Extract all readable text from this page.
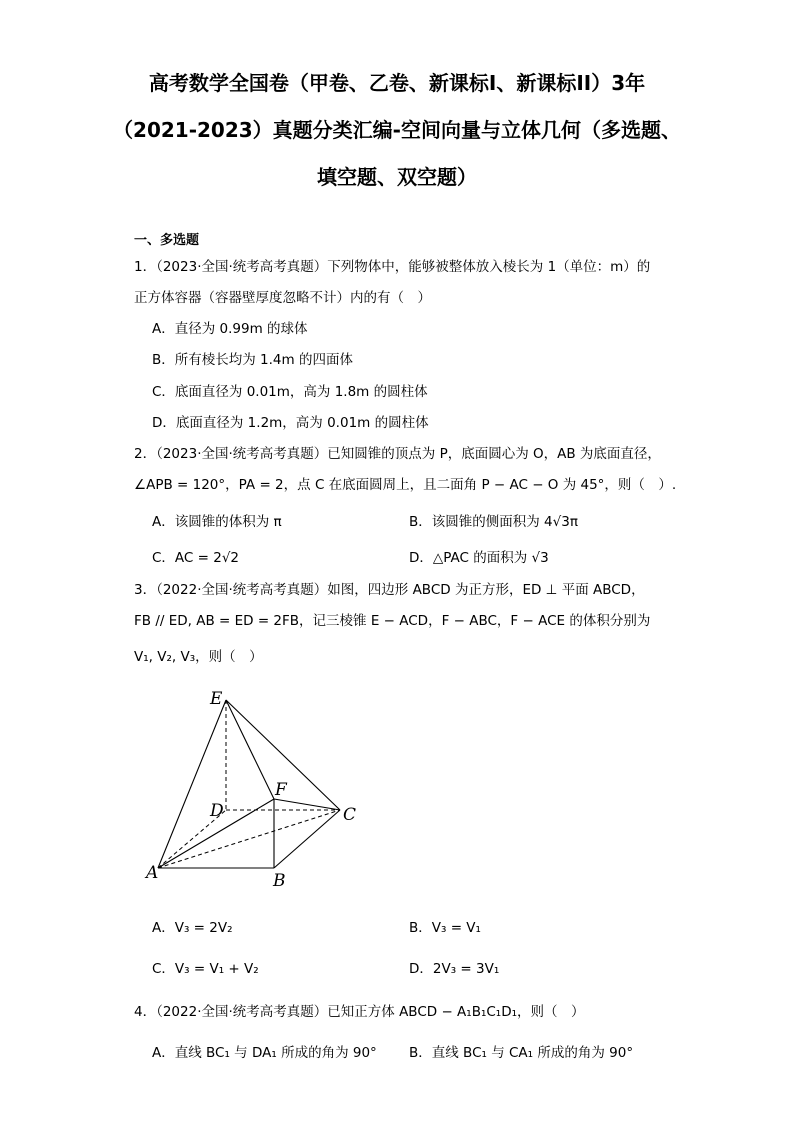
高考数学全国卷（甲卷、乙卷、新课标I、新课标II）3年
（2021-2023）真题分类汇编-空间向量与立体几何（多选题、
填空题、双空题）
一、多选题
1．（2023·全国·统考高考真题）下列物体中，能够被整体放入棱长为 1（单位：m）的
正方体容器（容器壁厚度忽略不计）内的有（　）
A．直径为 0.99m 的球体
B．所有棱长均为 1.4m 的四面体
C．底面直径为 0.01m，高为 1.8m 的圆柱体
D．底面直径为 1.2m，高为 0.01m 的圆柱体
2．（2023·全国·统考高考真题）已知圆锥的顶点为 P，底面圆心为 O，AB 为底面直径，
∠APB = 120°，PA = 2，点 C 在底面圆周上，且二面角 P − AC − O 为 45°，则（　）.
A．该圆锥的体积为 π	B．该圆锥的侧面积为 4√3π
C．AC = 2√2	D．△PAC 的面积为 √3
3．（2022·全国·统考高考真题）如图，四边形 ABCD 为正方形，ED ⊥ 平面 ABCD，
FB // ED, AB = ED = 2FB，记三棱锥 E − ACD，F − ABC，F − ACE 的体积分别为
V₁, V₂, V₃，则（　）
E
D
F
C
A	B
A．V₃ = 2V₂	B．V₃ = V₁
C．V₃ = V₁ + V₂	D．2V₃ = 3V₁
4．（2022·全国·统考高考真题）已知正方体 ABCD − A₁B₁C₁D₁，则（　）
A．直线 BC₁ 与 DA₁ 所成的角为 90° B．直线 BC₁ 与 CA₁ 所成的角为 90°
